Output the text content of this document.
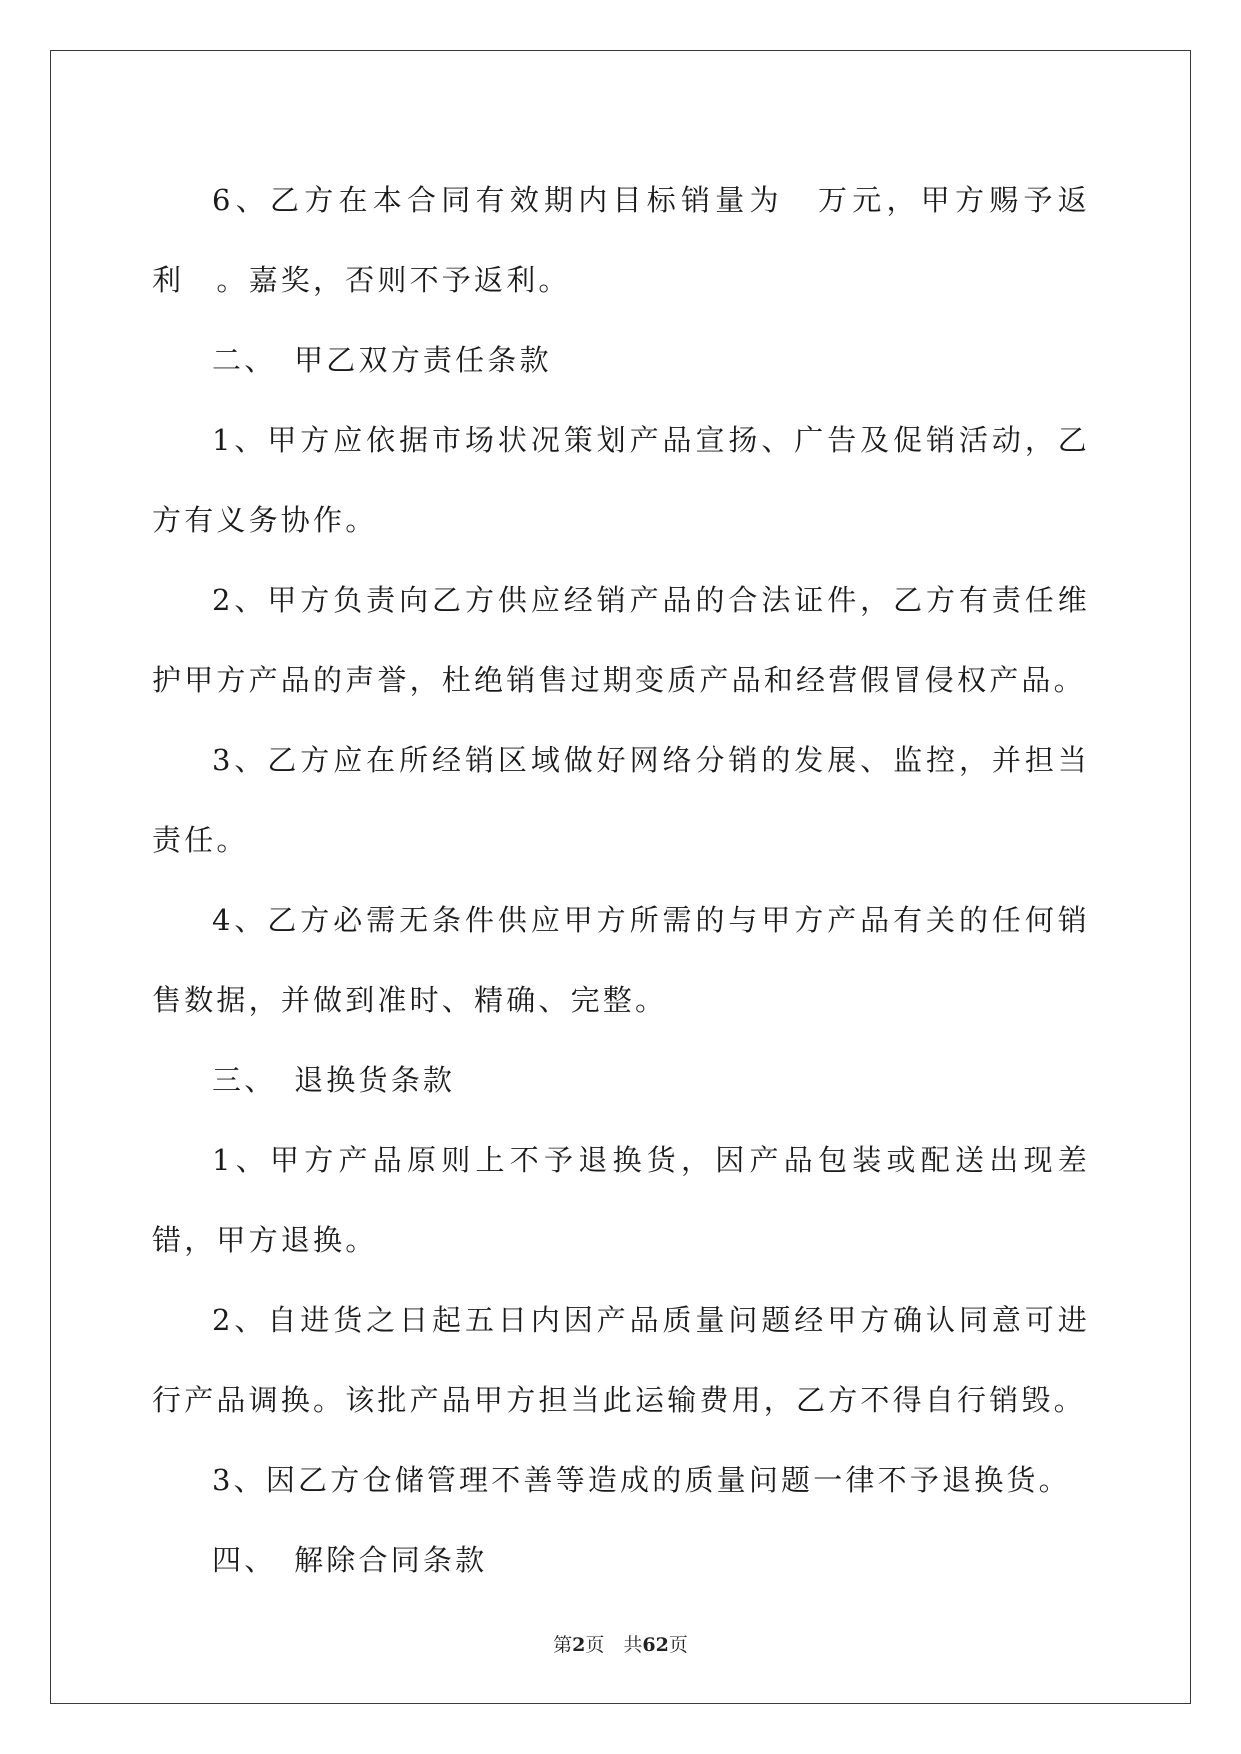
6、乙方在本合同有效期内目标销量为　万元，甲方赐予返利　。嘉奖，否则不予返利。

二、　甲乙双方责任条款

1、甲方应依据市场状况策划产品宣扬、广告及促销活动，乙方有义务协作。

2、甲方负责向乙方供应经销产品的合法证件，乙方有责任维护甲方产品的声誉，杜绝销售过期变质产品和经营假冒侵权产品。

3、乙方应在所经销区域做好网络分销的发展、监控，并担当责任。

4、乙方必需无条件供应甲方所需的与甲方产品有关的任何销售数据，并做到准时、精确、完整。

三、　退换货条款

1、甲方产品原则上不予退换货，因产品包装或配送出现差错，甲方退换。

2、自进货之日起五日内因产品质量问题经甲方确认同意可进行产品调换。该批产品甲方担当此运输费用，乙方不得自行销毁。

3、因乙方仓储管理不善等造成的质量问题一律不予退换货。

四、　解除合同条款

第2页　共62页
